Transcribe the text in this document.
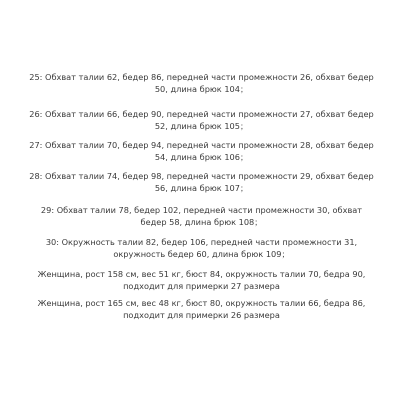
25: Обхват талии 62, бедер 86, передней части промежности 26, обхват бедер 50, длина брюк 104；

26: Обхват талии 66, бедер 90, передней части промежности 27, обхват бедер 52, длина брюк 105；

27: Обхват талии 70, бедер 94, передней части промежности 28, обхват бедер 54, длина брюк 106；

28: Обхват талии 74, бедер 98, передней части промежности 29, обхват бедер 56, длина брюк 107；

29: Обхват талии 78, бедер 102, передней части промежности 30, обхват бедер 58, длина брюк 108；

30: Окружность талии 82, бедер 106, передней части промежности 31, окружность бедер 60, длина брюк 109；

Женщина, рост 158 см, вес 51 кг, бюст 84, окружность талии 70, бедра 90, подходит для примерки 27 размера

Женщина, рост 165 см, вес 48 кг, бюст 80, окружность талии 66, бедра 86, подходит для примерки 26 размера
